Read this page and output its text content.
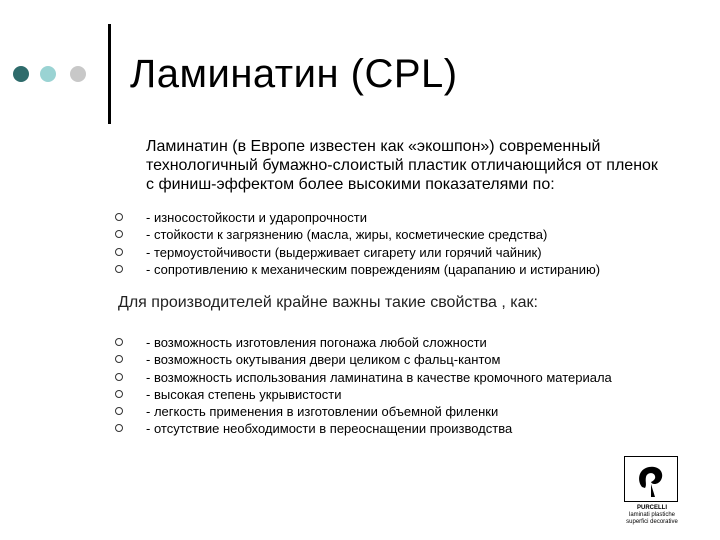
Ламинатин (CPL)
Ламинатин (в Европе известен как «экошпон») современный технологичный бумажно-слоистый пластик отличающийся от пленок с финиш-эффектом более высокими показателями по:
- износостойкости и ударопрочности
- стойкости к загрязнению (масла, жиры, косметические средства)
- термоустойчивости (выдерживает сигарету или горячий чайник)
- сопротивлению к механическим повреждениям (царапанию и истиранию)
Для производителей крайне важны такие свойства , как:
- возможность изготовления погонажа любой сложности
- возможность окутывания двери целиком с фальц-кантом
- возможность использования ламинатина в качестве кромочного материала
- высокая степень укрывистости
- легкость применения в изготовлении объемной филенки
- отсутствие необходимости в переоснащении производства
PURCELLI
laminati plastiche
superfici decorative
